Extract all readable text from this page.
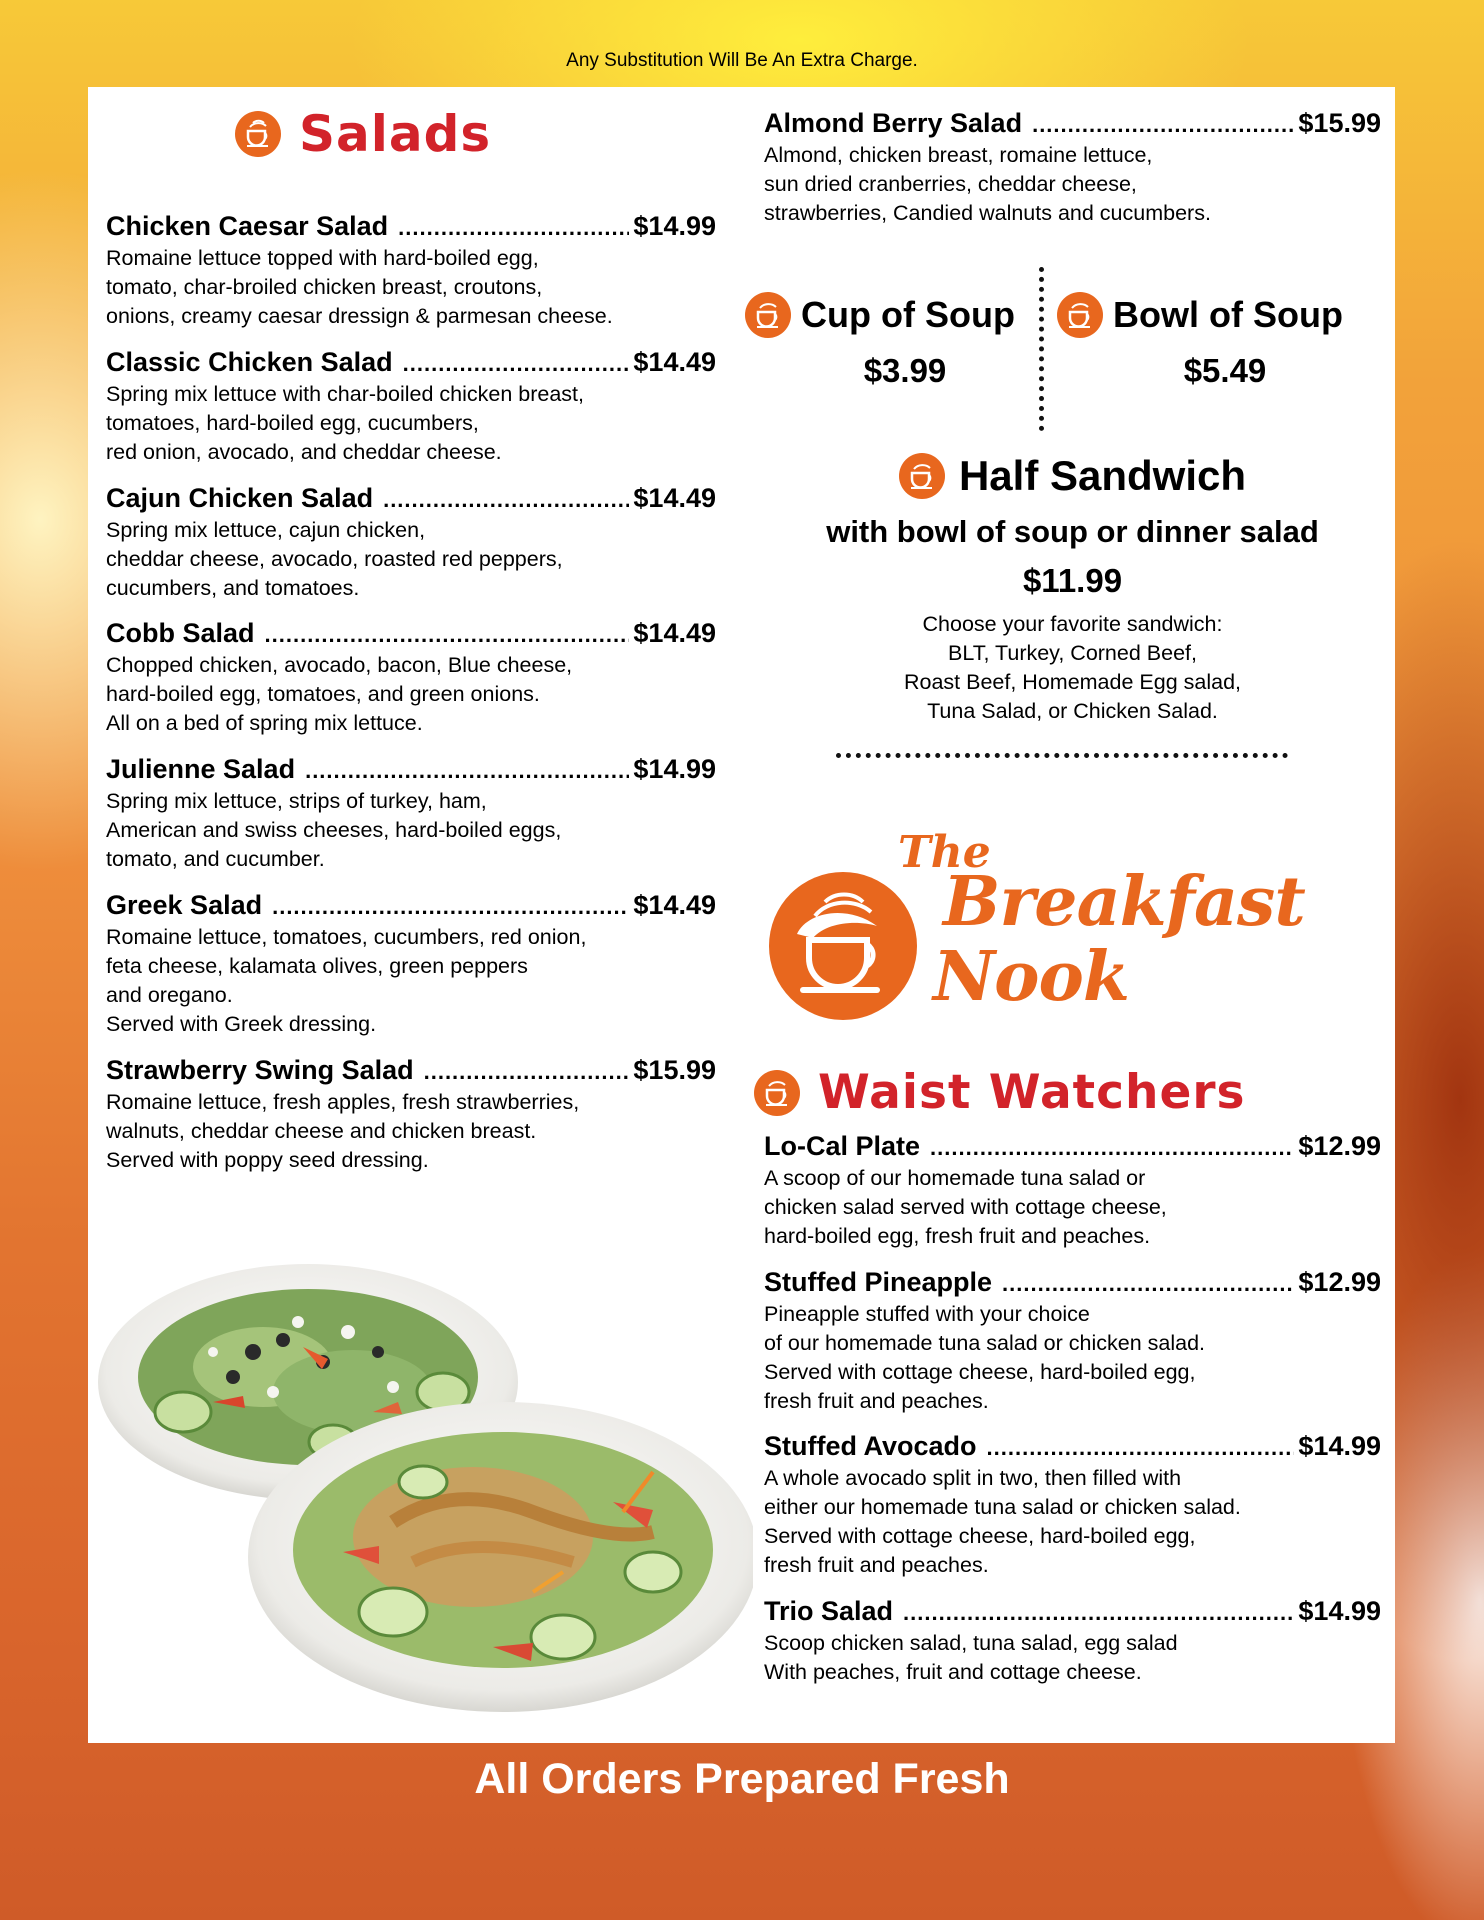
Any Substitution Will Be An Extra Charge.
Salads
Chicken Caesar Salad .....	$14.99
Romaine lettuce topped with hard-boiled egg,
tomato, char-broiled chicken breast, croutons,
onions, creamy caesar dressign & parmesan cheese.
Classic Chicken Salad .....	$14.49
Spring mix lettuce with char-boiled chicken breast,
tomatoes, hard-boiled egg, cucumbers,
red onion, avocado, and cheddar cheese.
Cajun Chicken Salad .....	$14.49
Spring mix lettuce, cajun chicken,
cheddar cheese, avocado, roasted red peppers,
cucumbers, and tomatoes.
Cobb Salad .....	$14.49
Chopped chicken, avocado, bacon, Blue cheese,
hard-boiled egg, tomatoes, and green onions.
All on a bed of spring mix lettuce.
Julienne Salad .....	$14.99
Spring mix lettuce, strips of turkey, ham,
American and swiss cheeses, hard-boiled eggs,
tomato, and cucumber.
Greek Salad .....	$14.49
Romaine lettuce, tomatoes, cucumbers, red onion,
feta cheese, kalamata olives, green peppers
and oregano.
Served with Greek dressing.
Strawberry Swing Salad .....	$15.99
Romaine lettuce, fresh apples, fresh strawberries,
walnuts, cheddar cheese and chicken breast.
Served with poppy seed dressing.
Almond Berry Salad .....	$15.99
Almond, chicken breast, romaine lettuce,
sun dried cranberries, cheddar cheese,
strawberries, Candied walnuts and cucumbers.
Cup of Soup
$3.99
Bowl of Soup
$5.49
Half Sandwich
with bowl of soup or dinner salad
$11.99
Choose your favorite sandwich:
BLT, Turkey, Corned Beef,
Roast Beef, Homemade Egg salad,
Tuna Salad, or Chicken Salad.
The
Breakfast
Nook
Waist Watchers
Lo-Cal Plate .....	$12.99
A scoop of our homemade tuna salad or
chicken salad served with cottage cheese,
hard-boiled egg, fresh fruit and peaches.
Stuffed Pineapple .....	$12.99
Pineapple stuffed with your choice
of our homemade tuna salad or chicken salad.
Served with cottage cheese, hard-boiled egg,
fresh fruit and peaches.
Stuffed Avocado .....	$14.99
A whole avocado split in two, then filled with
either our homemade tuna salad or chicken salad.
Served with cottage cheese, hard-boiled egg,
fresh fruit and peaches.
Trio Salad .....	$14.99
Scoop chicken salad, tuna salad, egg salad
With peaches, fruit and cottage cheese.
All Orders Prepared Fresh
